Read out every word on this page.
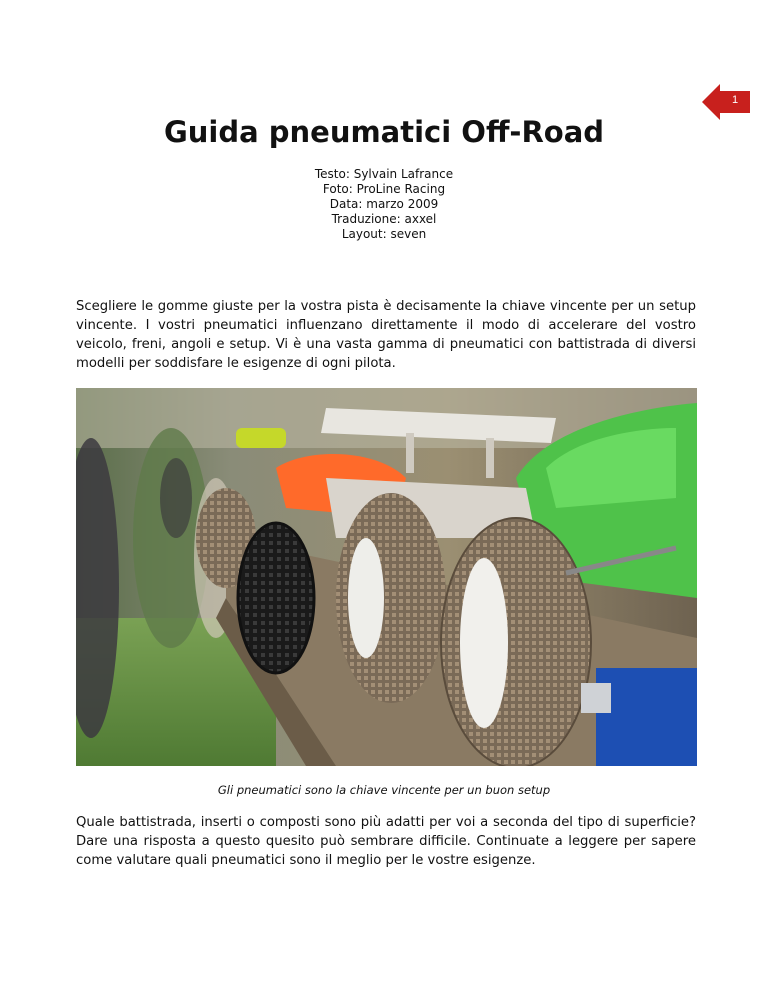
1
Guida pneumatici Off-Road
Testo: Sylvain Lafrance
Foto: ProLine Racing
Data: marzo 2009
Traduzione: axxel
Layout: seven

Scegliere le gomme giuste per la vostra pista è decisamente la chiave vincente per un setup vincente. I vostri pneumatici influenzano direttamente il modo di accelerare del vostro veicolo, freni, angoli e setup. Vi è una vasta gamma di pneumatici con battistrada di diversi modelli per soddisfare le esigenze di ogni pilota.

Gli pneumatici sono la chiave vincente per un buon setup

Quale battistrada, inserti o composti sono più adatti per voi a seconda del tipo di superficie? Dare una risposta a questo quesito può sembrare difficile. Continuate a leggere per sapere come valutare quali pneumatici sono il meglio per le vostre esigenze.
